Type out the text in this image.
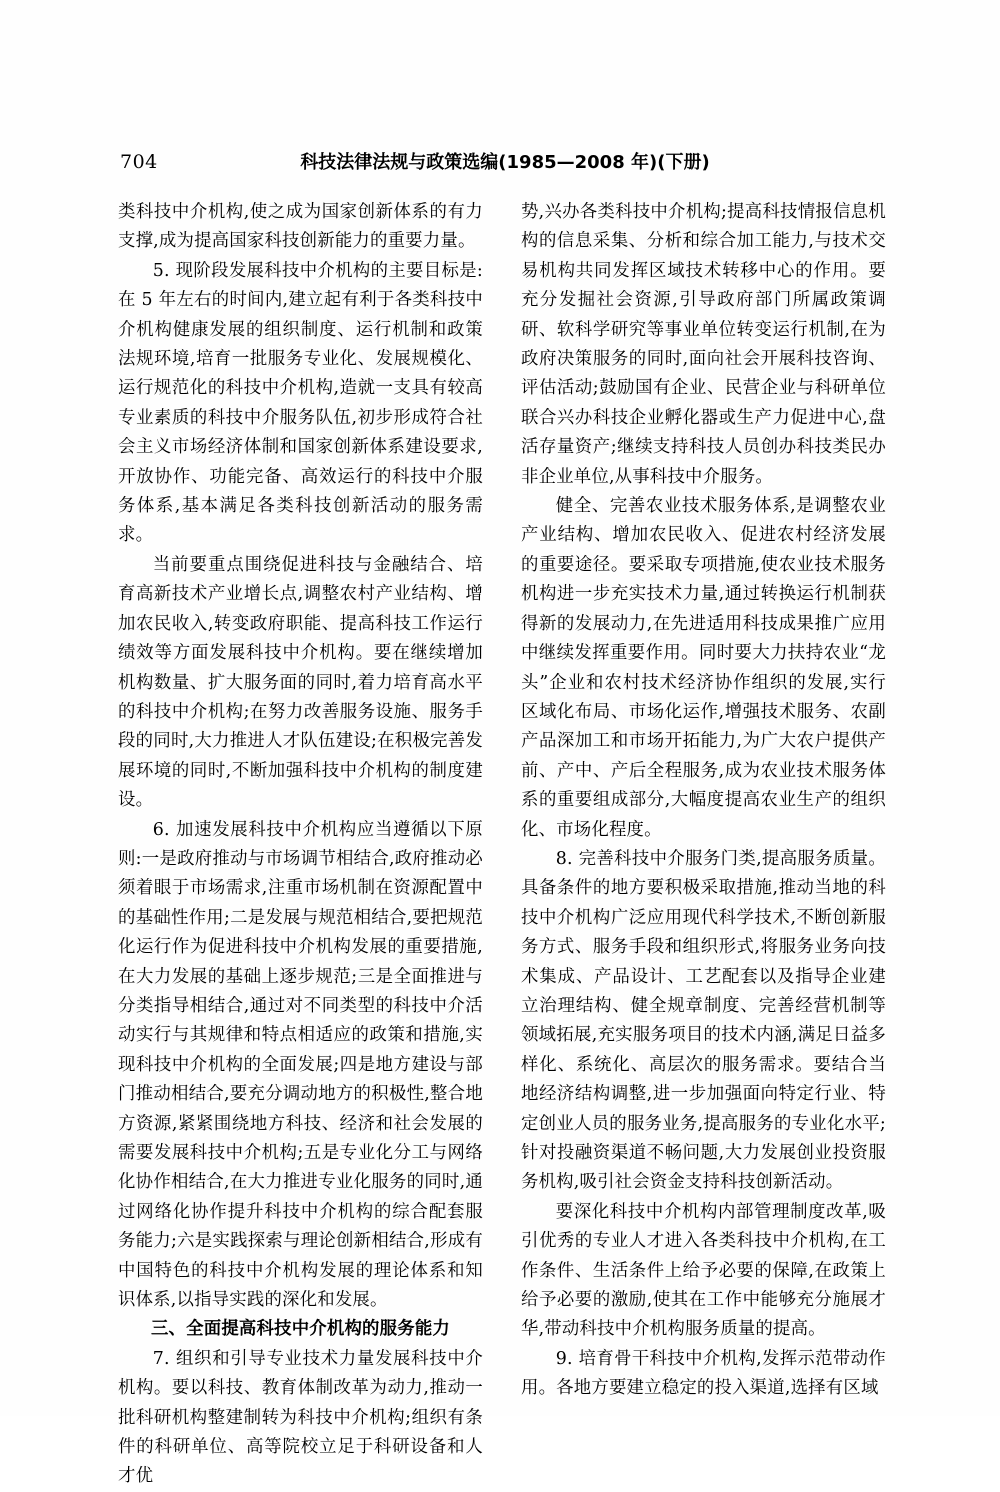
704	科技法律法规与政策选编(1985—2008 年)(下册)

类科技中介机构,使之成为国家创新体系的有力支撑,成为提高国家科技创新能力的重要力量。

5. 现阶段发展科技中介机构的主要目标是:在 5 年左右的时间内,建立起有利于各类科技中介机构健康发展的组织制度、运行机制和政策法规环境,培育一批服务专业化、发展规模化、运行规范化的科技中介机构,造就一支具有较高专业素质的科技中介服务队伍,初步形成符合社会主义市场经济体制和国家创新体系建设要求,开放协作、功能完备、高效运行的科技中介服务体系,基本满足各类科技创新活动的服务需求。

当前要重点围绕促进科技与金融结合、培育高新技术产业增长点,调整农村产业结构、增加农民收入,转变政府职能、提高科技工作运行绩效等方面发展科技中介机构。要在继续增加机构数量、扩大服务面的同时,着力培育高水平的科技中介机构;在努力改善服务设施、服务手段的同时,大力推进人才队伍建设;在积极完善发展环境的同时,不断加强科技中介机构的制度建设。

6. 加速发展科技中介机构应当遵循以下原则:一是政府推动与市场调节相结合,政府推动必须着眼于市场需求,注重市场机制在资源配置中的基础性作用;二是发展与规范相结合,要把规范化运行作为促进科技中介机构发展的重要措施,在大力发展的基础上逐步规范;三是全面推进与分类指导相结合,通过对不同类型的科技中介活动实行与其规律和特点相适应的政策和措施,实现科技中介机构的全面发展;四是地方建设与部门推动相结合,要充分调动地方的积极性,整合地方资源,紧紧围绕地方科技、经济和社会发展的需要发展科技中介机构;五是专业化分工与网络化协作相结合,在大力推进专业化服务的同时,通过网络化协作提升科技中介机构的综合配套服务能力;六是实践探索与理论创新相结合,形成有中国特色的科技中介机构发展的理论体系和知识体系,以指导实践的深化和发展。

三、全面提高科技中介机构的服务能力

7. 组织和引导专业技术力量发展科技中介机构。要以科技、教育体制改革为动力,推动一批科研机构整建制转为科技中介机构;组织有条件的科研单位、高等院校立足于科研设备和人才优

势,兴办各类科技中介机构;提高科技情报信息机构的信息采集、分析和综合加工能力,与技术交易机构共同发挥区域技术转移中心的作用。要充分发掘社会资源,引导政府部门所属政策调研、软科学研究等事业单位转变运行机制,在为政府决策服务的同时,面向社会开展科技咨询、评估活动;鼓励国有企业、民营企业与科研单位联合兴办科技企业孵化器或生产力促进中心,盘活存量资产;继续支持科技人员创办科技类民办非企业单位,从事科技中介服务。

健全、完善农业技术服务体系,是调整农业产业结构、增加农民收入、促进农村经济发展的重要途径。要采取专项措施,使农业技术服务机构进一步充实技术力量,通过转换运行机制获得新的发展动力,在先进适用科技成果推广应用中继续发挥重要作用。同时要大力扶持农业“龙头”企业和农村技术经济协作组织的发展,实行区域化布局、市场化运作,增强技术服务、农副产品深加工和市场开拓能力,为广大农户提供产前、产中、产后全程服务,成为农业技术服务体系的重要组成部分,大幅度提高农业生产的组织化、市场化程度。

8. 完善科技中介服务门类,提高服务质量。具备条件的地方要积极采取措施,推动当地的科技中介机构广泛应用现代科学技术,不断创新服务方式、服务手段和组织形式,将服务业务向技术集成、产品设计、工艺配套以及指导企业建立治理结构、健全规章制度、完善经营机制等领域拓展,充实服务项目的技术内涵,满足日益多样化、系统化、高层次的服务需求。要结合当地经济结构调整,进一步加强面向特定行业、特定创业人员的服务业务,提高服务的专业化水平;针对投融资渠道不畅问题,大力发展创业投资服务机构,吸引社会资金支持科技创新活动。

要深化科技中介机构内部管理制度改革,吸引优秀的专业人才进入各类科技中介机构,在工作条件、生活条件上给予必要的保障,在政策上给予必要的激励,使其在工作中能够充分施展才华,带动科技中介机构服务质量的提高。

9. 培育骨干科技中介机构,发挥示范带动作用。各地方要建立稳定的投入渠道,选择有区域
